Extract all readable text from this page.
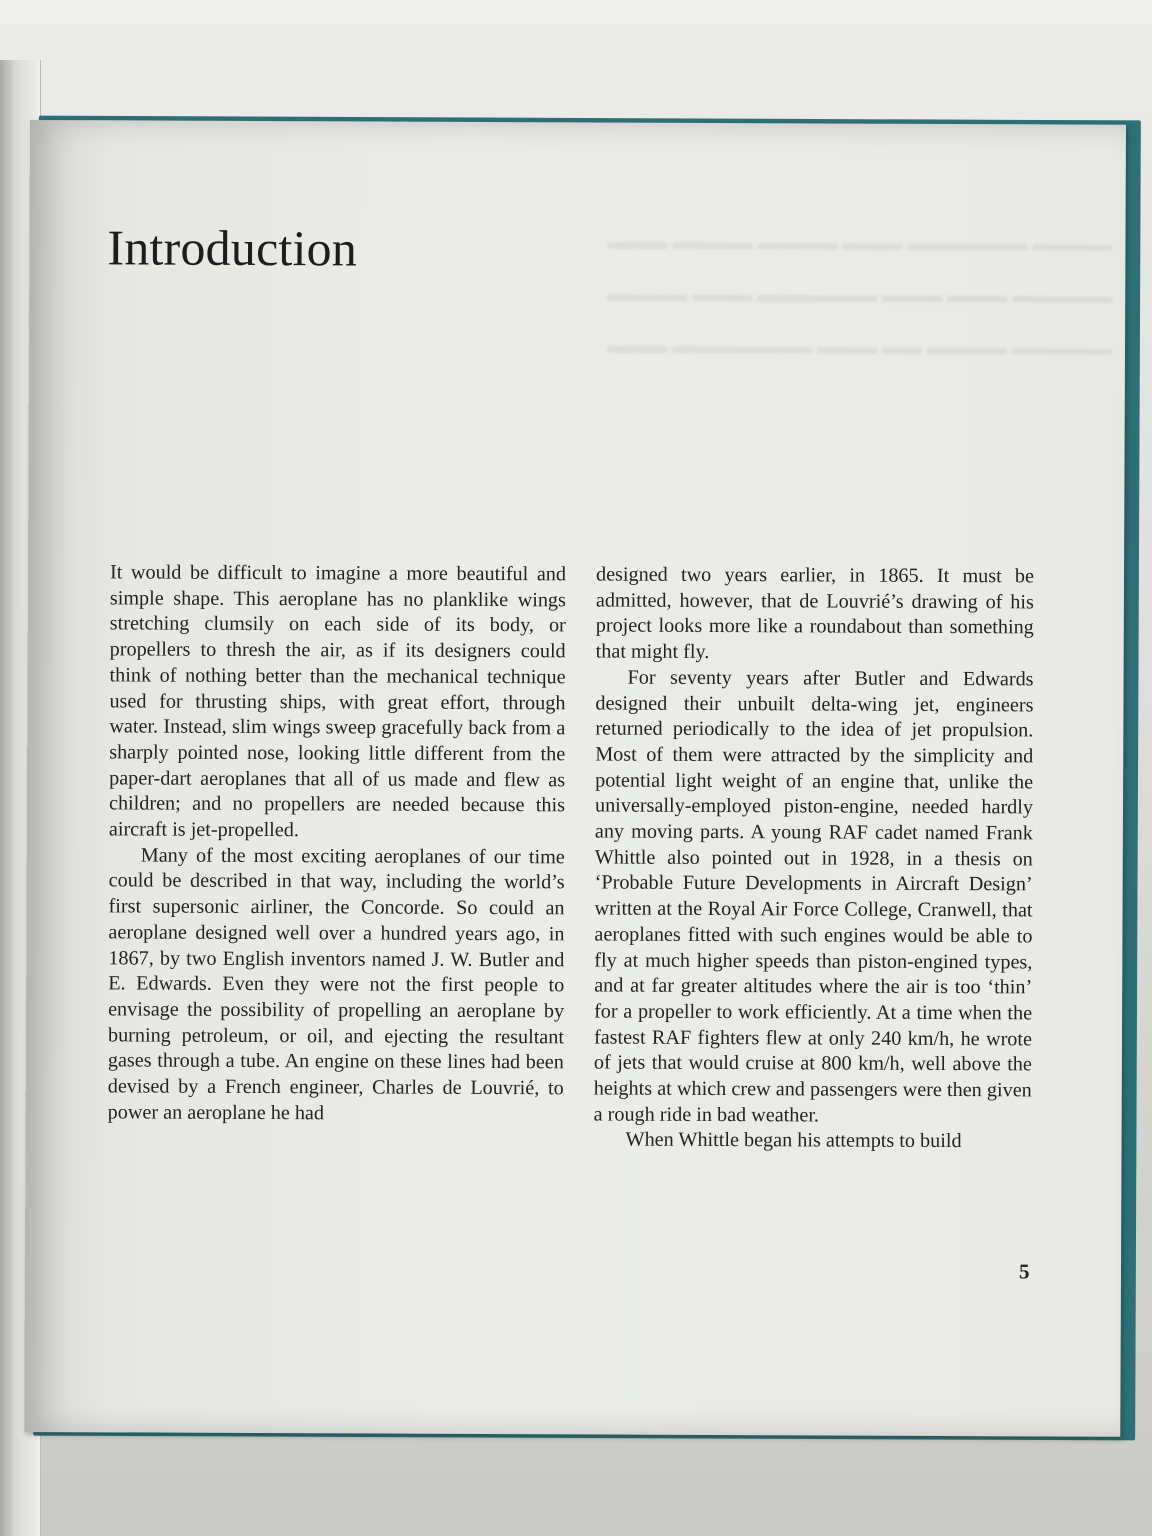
▬▬▬ ▬▬▬▬ ▬▬▬▬ ▬▬▬ ▬▬▬▬▬▬ ▬▬▬▬
▬▬▬▬ ▬▬▬ ▬▬▬▬▬▬ ▬▬▬ ▬▬▬ ▬▬▬▬▬
▬▬▬ ▬▬▬▬▬▬▬ ▬▬▬ ▬▬ ▬▬▬▬ ▬▬▬▬▬
Introduction

It would be difficult to imagine a more beautiful and simple shape. This aeroplane has no planklike wings stretching clumsily on each side of its body, or propellers to thresh the air, as if its designers could think of nothing better than the mechanical technique used for thrusting ships, with great effort, through water. Instead, slim wings sweep gracefully back from a sharply pointed nose, looking little different from the paper-dart aeroplanes that all of us made and flew as children; and no propellers are needed because this aircraft is jet-propelled.

Many of the most exciting aeroplanes of our time could be described in that way, including the world’s first supersonic airliner, the Concorde. So could an aeroplane designed well over a hundred years ago, in 1867, by two English inventors named J. W. Butler and E. Edwards. Even they were not the first people to envisage the possibility of propelling an aeroplane by burning petroleum, or oil, and ejecting the resultant gases through a tube. An engine on these lines had been devised by a French engineer, Charles de Louvrié, to power an aeroplane he had

designed two years earlier, in 1865. It must be admitted, however, that de Louvrié’s drawing of his project looks more like a roundabout than something that might fly.

For seventy years after Butler and Edwards designed their unbuilt delta-wing jet, engineers returned periodically to the idea of jet propulsion. Most of them were attracted by the simplicity and potential light weight of an engine that, unlike the universally-employed piston-engine, needed hardly any moving parts. A young RAF cadet named Frank Whittle also pointed out in 1928, in a thesis on ‘Probable Future Developments in Aircraft Design’ written at the Royal Air Force College, Cranwell, that aeroplanes fitted with such engines would be able to fly at much higher speeds than piston-engined types, and at far greater altitudes where the air is too ‘thin’ for a propeller to work efficiently. At a time when the fastest RAF fighters flew at only 240 km/h, he wrote of jets that would cruise at 800 km/h, well above the heights at which crew and passengers were then given a rough ride in bad weather.

When Whittle began his attempts to build

5
